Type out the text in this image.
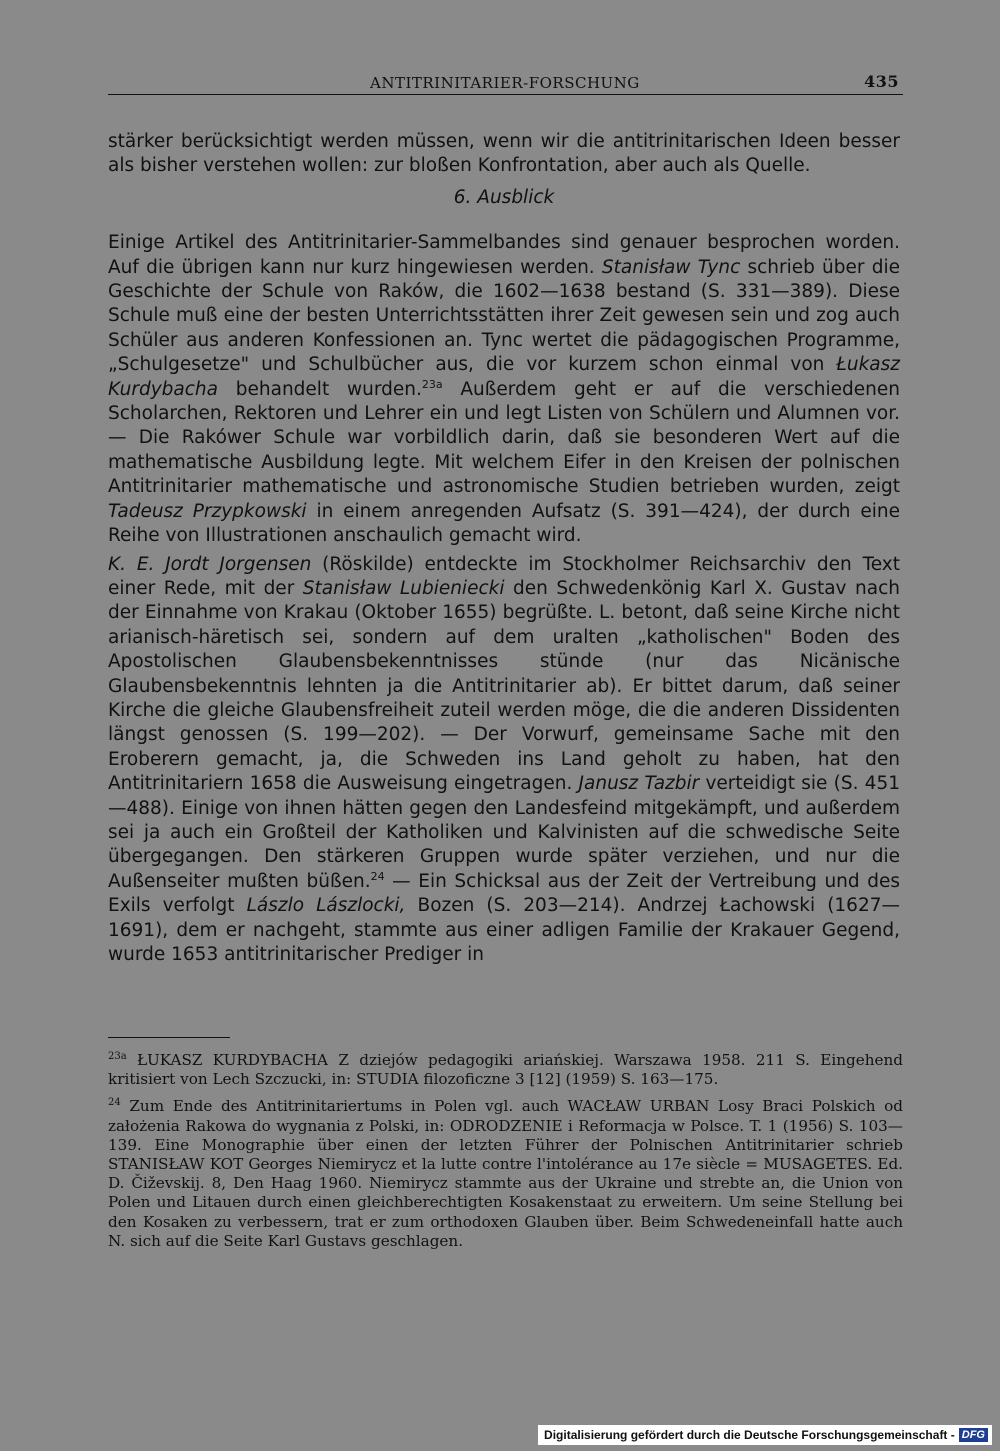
ANTITRINITARIER-FORSCHUNG	435

stärker berücksichtigt werden müssen, wenn wir die antitrinitarischen Ideen besser als bisher verstehen wollen: zur bloßen Konfrontation, aber auch als Quelle.

6. Ausblick

Einige Artikel des Antitrinitarier-Sammelbandes sind genauer besprochen worden. Auf die übrigen kann nur kurz hingewiesen werden. Stanisław Tync schrieb über die Geschichte der Schule von Raków, die 1602—1638 bestand (S. 331—389). Diese Schule muß eine der besten Unterrichtsstätten ihrer Zeit gewesen sein und zog auch Schüler aus anderen Konfessionen an. Tync wertet die pädagogischen Programme, „Schulgesetze" und Schulbücher aus, die vor kurzem schon einmal von Łukasz Kurdybacha behandelt wurden.$^{23a}$ Außerdem geht er auf die verschiedenen Scholarchen, Rektoren und Lehrer ein und legt Listen von Schülern und Alumnen vor. — Die Rakówer Schule war vorbildlich darin, daß sie besonderen Wert auf die mathematische Ausbildung legte. Mit welchem Eifer in den Kreisen der polnischen Antitrinitarier mathematische und astronomische Studien betrieben wurden, zeigt Tadeusz Przypkowski in einem anregenden Aufsatz (S. 391—424), der durch eine Reihe von Illustrationen anschaulich gemacht wird.

K. E. Jordt Jorgensen (Röskilde) entdeckte im Stockholmer Reichsarchiv den Text einer Rede, mit der Stanisław Lubieniecki den Schwedenkönig Karl X. Gustav nach der Einnahme von Krakau (Oktober 1655) begrüßte. L. betont, daß seine Kirche nicht arianisch-häretisch sei, sondern auf dem uralten „katholischen" Boden des Apostolischen Glaubensbekenntnisses stünde (nur das Nicänische Glaubensbekenntnis lehnten ja die Antitrinitarier ab). Er bittet darum, daß seiner Kirche die gleiche Glaubensfreiheit zuteil werden möge, die die anderen Dissidenten längst genossen (S. 199—202). — Der Vorwurf, gemeinsame Sache mit den Eroberern gemacht, ja, die Schweden ins Land geholt zu haben, hat den Antitrinitariern 1658 die Ausweisung eingetragen. Janusz Tazbir verteidigt sie (S. 451—488). Einige von ihnen hätten gegen den Landesfeind mitgekämpft, und außerdem sei ja auch ein Großteil der Katholiken und Kalvinisten auf die schwedische Seite übergegangen. Den stärkeren Gruppen wurde später verziehen, und nur die Außenseiter mußten büßen.$^{24}$ — Ein Schicksal aus der Zeit der Vertreibung und des Exils verfolgt Lászlo Lászlocki, Bozen (S. 203—214). Andrzej Łachowski (1627—1691), dem er nachgeht, stammte aus einer adligen Familie der Krakauer Gegend, wurde 1653 antitrinitarischer Prediger in

$^{23a}$ ŁUKASZ KURDYBACHA Z dziejów pedagogiki ariańskiej. Warszawa 1958. 211 S. Eingehend kritisiert von Lech Szczucki, in: STUDIA filozoficzne 3 [12] (1959) S. 163—175.

$^{24}$ Zum Ende des Antitrinitariertums in Polen vgl. auch WACŁAW URBAN Losy Braci Polskich od założenia Rakowa do wygnania z Polski, in: ODRODZENIE i Reformacja w Polsce. T. 1 (1956) S. 103—139. Eine Monographie über einen der letzten Führer der Polnischen Antitrinitarier schrieb STANISŁAW KOT Georges Niemirycz et la lutte contre l'intolérance au 17e siècle = MUSAGETES. Ed. D. Čiževskij. 8, Den Haag 1960. Niemirycz stammte aus der Ukraine und strebte an, die Union von Polen und Litauen durch einen gleichberechtigten Kosakenstaat zu erweitern. Um seine Stellung bei den Kosaken zu verbessern, trat er zum orthodoxen Glauben über. Beim Schwedeneinfall hatte auch N. sich auf die Seite Karl Gustavs geschlagen.

Digitalisierung gefördert durch die Deutsche Forschungsgemeinschaft - DFG
